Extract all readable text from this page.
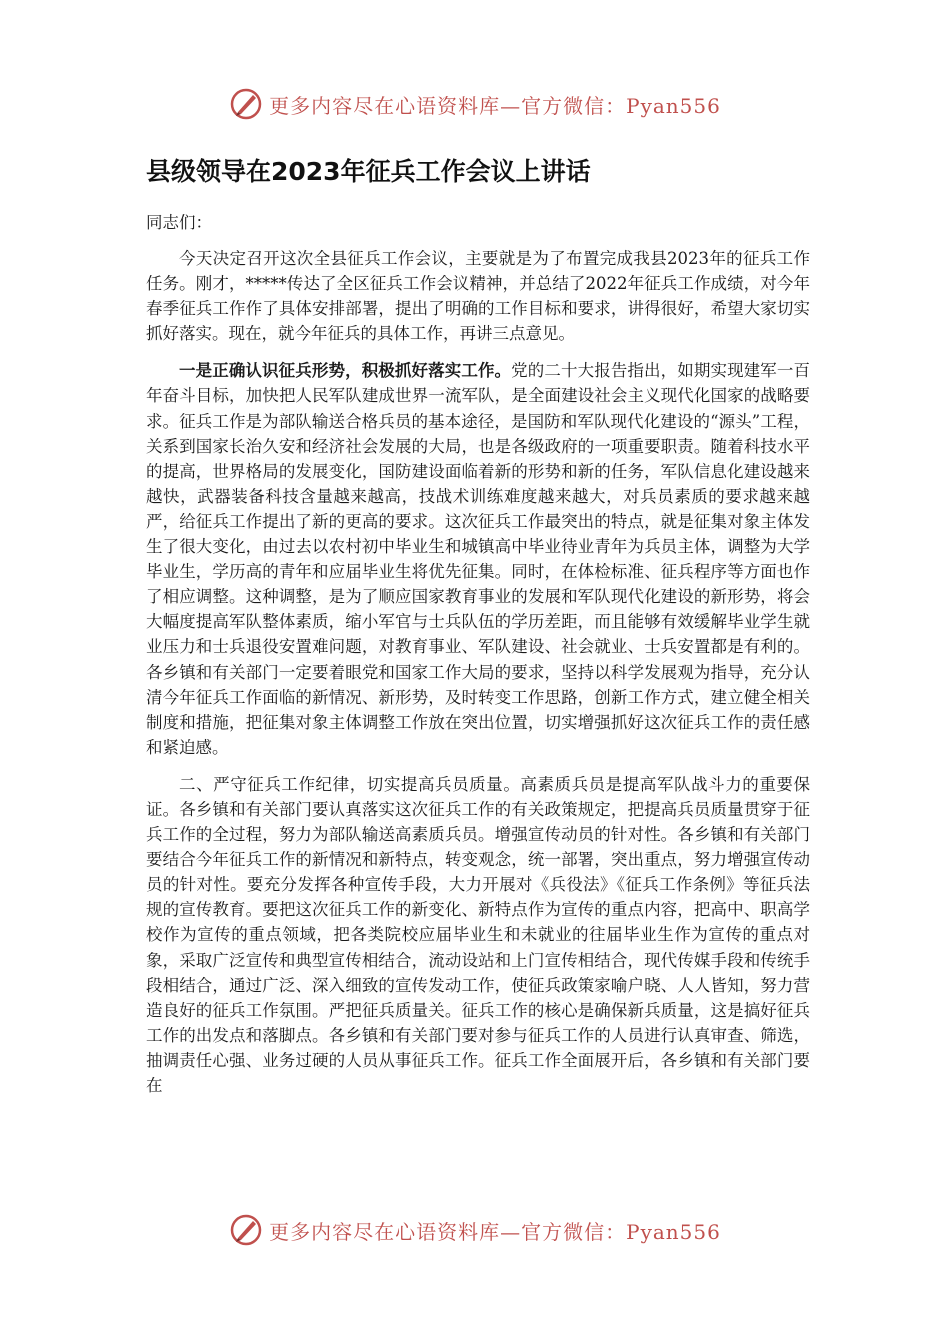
更多内容尽在心语资料库—官方微信：Pyan556
县级领导在2023年征兵工作会议上讲话
同志们：

今天决定召开这次全县征兵工作会议，主要就是为了布置完成我县2023年的征兵工作任务。刚才，*****传达了全区征兵工作会议精神，并总结了2022年征兵工作成绩，对今年春季征兵工作作了具体安排部署，提出了明确的工作目标和要求，讲得很好，希望大家切实抓好落实。现在，就今年征兵的具体工作，再讲三点意见。

一是正确认识征兵形势，积极抓好落实工作。党的二十大报告指出，如期实现建军一百年奋斗目标，加快把人民军队建成世界一流军队，是全面建设社会主义现代化国家的战略要求。征兵工作是为部队输送合格兵员的基本途径，是国防和军队现代化建设的“源头”工程，关系到国家长治久安和经济社会发展的大局，也是各级政府的一项重要职责。随着科技水平的提高，世界格局的发展变化，国防建设面临着新的形势和新的任务，军队信息化建设越来越快，武器装备科技含量越来越高，技战术训练难度越来越大，对兵员素质的要求越来越严，给征兵工作提出了新的更高的要求。这次征兵工作最突出的特点，就是征集对象主体发生了很大变化，由过去以农村初中毕业生和城镇高中毕业待业青年为兵员主体，调整为大学毕业生，学历高的青年和应届毕业生将优先征集。同时，在体检标准、征兵程序等方面也作了相应调整。这种调整，是为了顺应国家教育事业的发展和军队现代化建设的新形势，将会大幅度提高军队整体素质，缩小军官与士兵队伍的学历差距，而且能够有效缓解毕业学生就业压力和士兵退役安置难问题，对教育事业、军队建设、社会就业、士兵安置都是有利的。各乡镇和有关部门一定要着眼党和国家工作大局的要求，坚持以科学发展观为指导，充分认清今年征兵工作面临的新情况、新形势，及时转变工作思路，创新工作方式，建立健全相关制度和措施，把征集对象主体调整工作放在突出位置，切实增强抓好这次征兵工作的责任感和紧迫感。

二、严守征兵工作纪律，切实提高兵员质量。高素质兵员是提高军队战斗力的重要保证。各乡镇和有关部门要认真落实这次征兵工作的有关政策规定，把提高兵员质量贯穿于征兵工作的全过程，努力为部队输送高素质兵员。增强宣传动员的针对性。各乡镇和有关部门要结合今年征兵工作的新情况和新特点，转变观念，统一部署，突出重点，努力增强宣传动员的针对性。要充分发挥各种宣传手段，大力开展对《兵役法》《征兵工作条例》等征兵法规的宣传教育。要把这次征兵工作的新变化、新特点作为宣传的重点内容，把高中、职高学校作为宣传的重点领域，把各类院校应届毕业生和未就业的往届毕业生作为宣传的重点对象，采取广泛宣传和典型宣传相结合，流动设站和上门宣传相结合，现代传媒手段和传统手段相结合，通过广泛、深入细致的宣传发动工作，使征兵政策家喻户晓、人人皆知，努力营造良好的征兵工作氛围。严把征兵质量关。征兵工作的核心是确保新兵质量，这是搞好征兵工作的出发点和落脚点。各乡镇和有关部门要对参与征兵工作的人员进行认真审查、筛选，抽调责任心强、业务过硬的人员从事征兵工作。征兵工作全面展开后，各乡镇和有关部门要在

更多内容尽在心语资料库—官方微信：Pyan556
